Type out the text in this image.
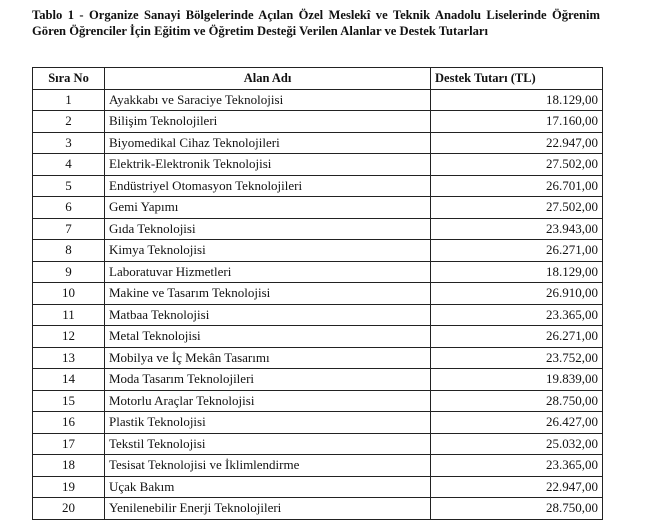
Tablo 1 - Organize Sanayi Bölgelerinde Açılan Özel Meslekî ve Teknik Anadolu Liselerinde Öğrenim Gören Öğrenciler İçin Eğitim ve Öğretim Desteği Verilen Alanlar ve Destek Tutarları
Sıra No	Alan Adı	Destek Tutarı (TL)
1	Ayakkabı ve Saraciye Teknolojisi	18.129,00
2	Bilişim Teknolojileri	17.160,00
3	Biyomedikal Cihaz Teknolojileri	22.947,00
4	Elektrik-Elektronik Teknolojisi	27.502,00
5	Endüstriyel Otomasyon Teknolojileri	26.701,00
6	Gemi Yapımı	27.502,00
7	Gıda Teknolojisi	23.943,00
8	Kimya Teknolojisi	26.271,00
9	Laboratuvar Hizmetleri	18.129,00
10	Makine ve Tasarım Teknolojisi	26.910,00
11	Matbaa Teknolojisi	23.365,00
12	Metal Teknolojisi	26.271,00
13	Mobilya ve İç Mekân Tasarımı	23.752,00
14	Moda Tasarım Teknolojileri	19.839,00
15	Motorlu Araçlar Teknolojisi	28.750,00
16	Plastik Teknolojisi	26.427,00
17	Tekstil Teknolojisi	25.032,00
18	Tesisat Teknolojisi ve İklimlendirme	23.365,00
19	Uçak Bakım	22.947,00
20	Yenilenebilir Enerji Teknolojileri	28.750,00
